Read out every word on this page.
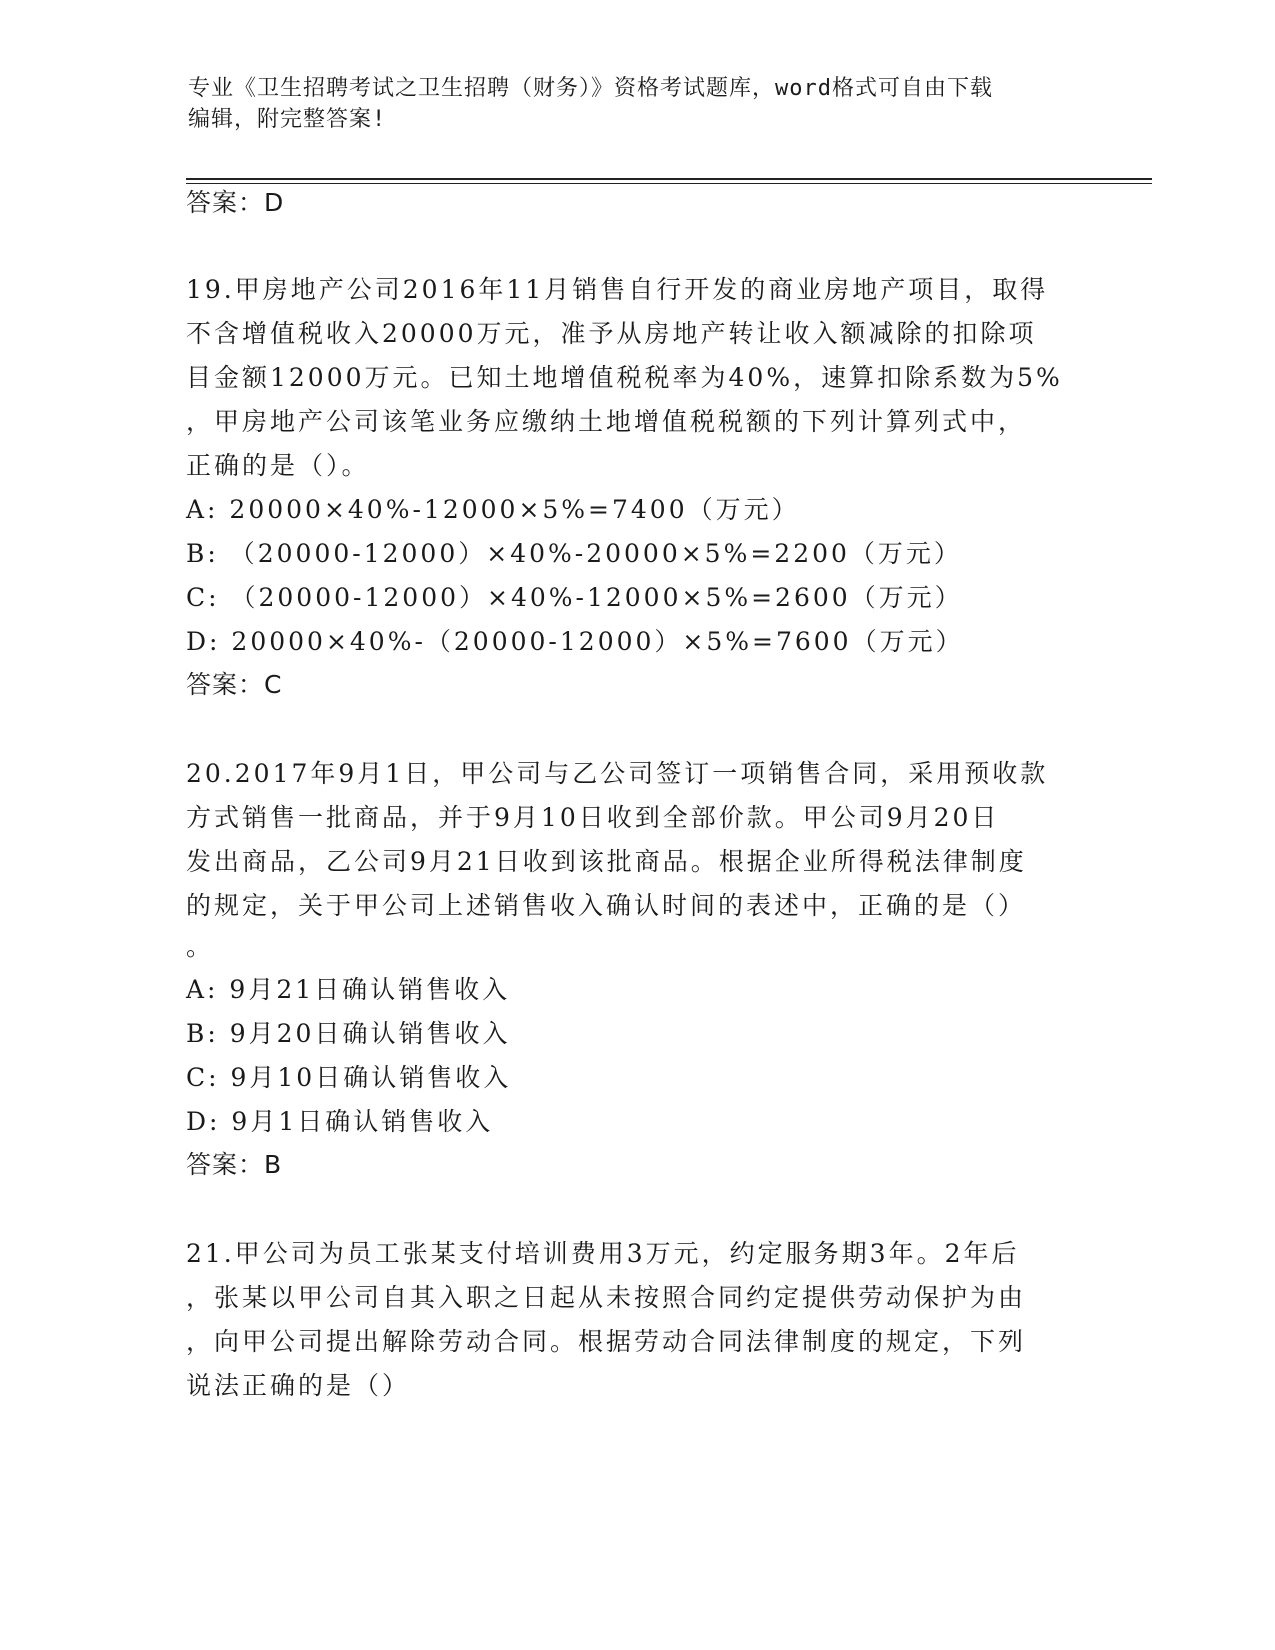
专业《卫生招聘考试之卫生招聘（财务）》资格考试题库，word格式可自由下载
编辑，附完整答案!
答案：D
19.甲房地产公司2016年11月销售自行开发的商业房地产项目，取得
不含增值税收入20000万元，准予从房地产转让收入额减除的扣除项
目金额12000万元。已知土地增值税税率为40%，速算扣除系数为5%
，甲房地产公司该笔业务应缴纳土地增值税税额的下列计算列式中，
正确的是（）。
A: 20000×40%-12000×5%=7400（万元）
B: （20000-12000）×40%-20000×5%=2200（万元）
C: （20000-12000）×40%-12000×5%=2600（万元）
D: 20000×40%-（20000-12000）×5%=7600（万元）
答案：C
20.2017年9月1日，甲公司与乙公司签订一项销售合同，采用预收款
方式销售一批商品，并于9月10日收到全部价款。甲公司9月20日
发出商品，乙公司9月21日收到该批商品。根据企业所得税法律制度
的规定，关于甲公司上述销售收入确认时间的表述中，正确的是（）
。
A: 9月21日确认销售收入
B: 9月20日确认销售收入
C: 9月10日确认销售收入
D: 9月1日确认销售收入
答案：B
21.甲公司为员工张某支付培训费用3万元，约定服务期3年。2年后
，张某以甲公司自其入职之日起从未按照合同约定提供劳动保护为由
，向甲公司提出解除劳动合同。根据劳动合同法律制度的规定，下列
说法正确的是（）
